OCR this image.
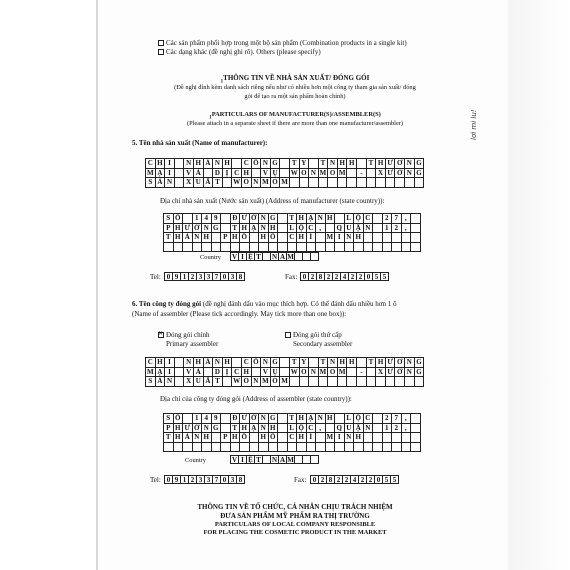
Các sản phẩm phối hợp trong một bộ sản phẩm (Combination products in a single kit)
Các dạng khác (đề nghị ghi rõ). Others (please specify)
$_1$THÔNG TIN VỀ NHÀ SẢN XUẤT/ ĐÓNG GÓI
(Đề nghị đính kèm danh sách riêng nếu như có nhiều hơn một công ty tham gia sản xuất/ đóng
gói để tạo ra một sản phẩm hoàn chỉnh)
$_1$PARTICULARS OF MANUFACTURER(S)/ASSEMBLER(S)
(Please attach in a separate sheet if there are more than one manufacturer/assembler)
5. Tên nhà sản xuất (Name of manufacturer):
C H I	N H Á N H	C Ô N G	T Y	T N H H	T H Ư Ơ N G
M Ạ I	V À	D Ị C H	V Ụ	W O N M O M	-	X Ư Ở N G
S Ả N	X U Ấ T	W O N M O M
Địa chỉ nhà sản xuất (Nước sản xuất) (Address of manufacturer (state country)):
S Ố	1 4 9	Đ Ư Ờ N G	T H Ạ N H	L Ộ C	2 7 ,
P H Ư Ờ N G	T H Ạ N H	L Ộ C ,	Q U Ậ N	1 2 ,
T H À N H	P H Ố	H Ồ	C H Í	M I N H
Country V I Ệ T	N A M
Tel: 0 9 1 2 3 3 7 0 3 8	Fax: 0 2 8 2 2 4 2 2 0 5 5
6. Tên công ty đóng gói (đề nghị đánh dấu vào mục thích hợp. Có thể đánh dấu nhiều hơn 1 ô
(Name of assembler (Please tick accordingly. May tick more than one box)):
✕Đóng gói chính
Primary assembler
Đóng gói thứ cấp
Secondary assembler
C H I	N H Á N H	C Ô N G	T Y	T N H H	T H Ư Ơ N G
M Ạ I	V À	D Ị C H	V Ụ	W O N M O M	-	X Ư Ở N G
S Ả N	X U Ấ T	W O N M O M
Địa chỉ của công ty đóng gói (Address of assembler (state country)):
S Ố	1 4 9	Đ Ư Ờ N G	T H Ạ N H	L Ộ C	2 7 ,
P H Ư Ờ N G	T H Ạ N H	L Ộ C ,	Q U Ậ N	1 2 ,
T H À N H	P H Ố	H Ồ	C H Í	M I N H
Country	V I Ệ T	N A M
Tel: 0 9 1 2 3 3 7 0 3 8	Fax: 0 2 8 2 2 4 2 2 0 5 5
THÔNG TIN VỀ TỔ CHỨC, CÁ NHÂN CHỊU TRÁCH NHIỆM
ĐƯA SẢN PHẨM MỸ PHẨM RA THỊ TRƯỜNG
PARTICULARS OF LOCAL COMPANY RESPONSIBLE
FOR PLACING THE COSMETIC PRODUCT IN THE MARKET
lơi mi lu!
